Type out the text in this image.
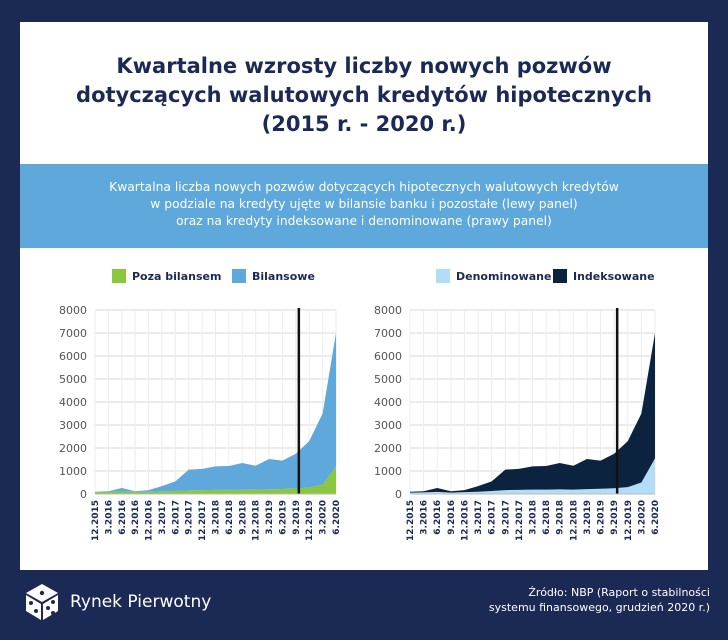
Kwartalne wzrosty liczby nowych pozwów
dotyczących walutowych kredytów hipotecznych
(2015 r. - 2020 r.)
Kwartalna liczba nowych pozwów dotyczących hipotecznych walutowych kredytów
w podziale na kredyty ujęte w bilansie banku i pozostałe (lewy panel)
oraz na kredyty indeksowane i denominowane (prawy panel)
0
1000
2000
3000
4000
5000
6000
7000
8000
12.2015 3.2016 6.2016 9.2016 12.2016 3.2017 6.2017 9.2017 12.2017 3.2018 6.2018 9.2018 12.2018 3.2019 6.2019 9.2019 12.2019 3.2020 6.2020
Poza bilansem	Bilansowe
0
1000
2000
3000
4000
5000
6000
7000
8000
12.2015 3.2016 6.2016 9.2016 12.2016 3.2017 6.2017 9.2017 12.2017 3.2018 6.2018 9.2018 12.2018 3.2019 6.2019 9.2019 12.2019 3.2020 6.2020
Denominowane Indeksowane
Rynek Pierwotny	Źródło: NBP (Raport o stabilności
systemu finansowego, grudzień 2020 r.)
